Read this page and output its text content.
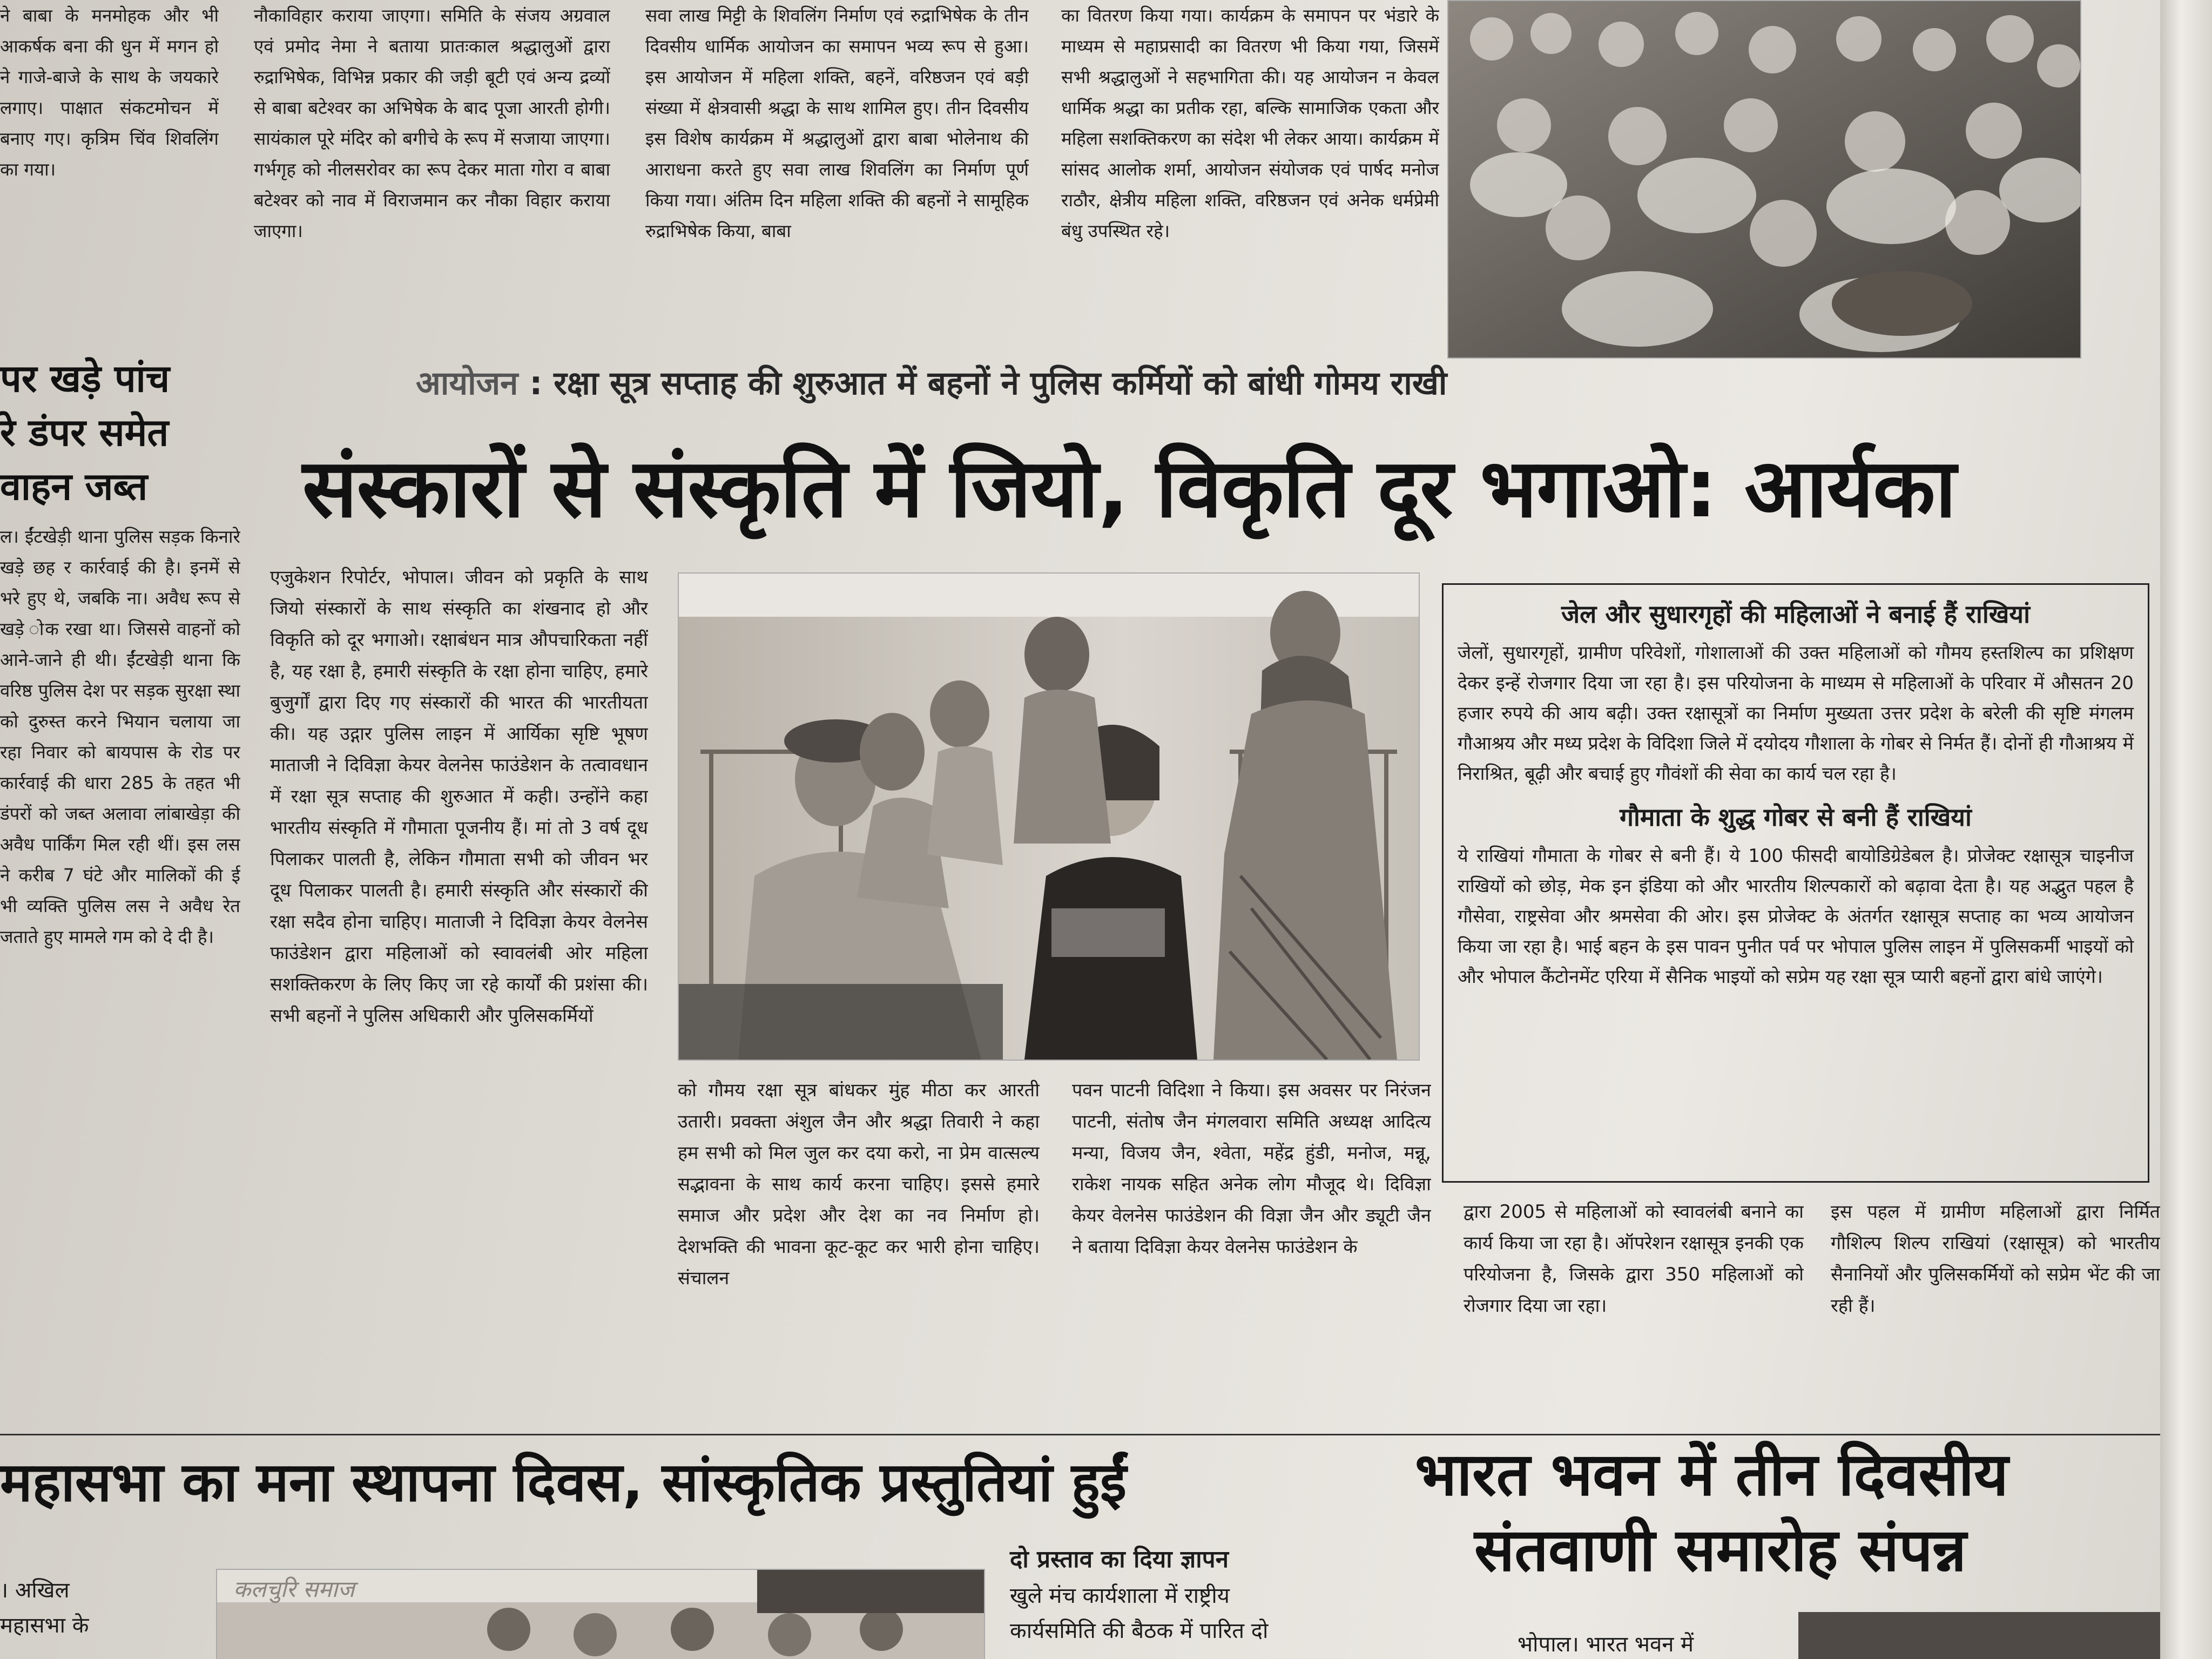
ने बाबा के मनमोहक और भी आकर्षक बना की धुन में मगन हो ने गाजे-बाजे के साथ के जयकारे लगाए। पाक्षात संकटमोचन में बनाए गए। कृत्रिम चिंव शिवलिंग का गया।

नौकाविहार कराया जाएगा। समिति के संजय अग्रवाल एवं प्रमोद नेमा ने बताया प्रातःकाल श्रद्धालुओं द्वारा रुद्राभिषेक, विभिन्न प्रकार की जड़ी बूटी एवं अन्य द्रव्यों से बाबा बटेश्वर का अभिषेक के बाद पूजा आरती होगी। सायंकाल पूरे मंदिर को बगीचे के रूप में सजाया जाएगा। गर्भगृह को नीलसरोवर का रूप देकर माता गोरा व बाबा बटेश्वर को नाव में विराजमान कर नौका विहार कराया जाएगा।

सवा लाख मिट्टी के शिवलिंग निर्माण एवं रुद्राभिषेक के तीन दिवसीय धार्मिक आयोजन का समापन भव्य रूप से हुआ। इस आयोजन में महिला शक्ति, बहनें, वरिष्ठजन एवं बड़ी संख्या में क्षेत्रवासी श्रद्धा के साथ शामिल हुए। तीन दिवसीय इस विशेष कार्यक्रम में श्रद्धालुओं द्वारा बाबा भोलेनाथ की आराधना करते हुए सवा लाख शिवलिंग का निर्माण पूर्ण किया गया। अंतिम दिन महिला शक्ति की बहनों ने सामूहिक रुद्राभिषेक किया, बाबा

का वितरण किया गया। कार्यक्रम के समापन पर भंडारे के माध्यम से महाप्रसादी का वितरण भी किया गया, जिसमें सभी श्रद्धालुओं ने सहभागिता की। यह आयोजन न केवल धार्मिक श्रद्धा का प्रतीक रहा, बल्कि सामाजिक एकता और महिला सशक्तिकरण का संदेश भी लेकर आया। कार्यक्रम में सांसद आलोक शर्मा, आयोजन संयोजक एवं पार्षद मनोज राठौर, क्षेत्रीय महिला शक्ति, वरिष्ठजन एवं अनेक धर्मप्रेमी बंधु उपस्थित रहे।

पर खड़े पांच
रे डंपर समेत
वाहन जब्त

ल। ईंटखेड़ी थाना पुलिस सड़क किनारे खड़े छह र कार्रवाई की है। इनमें से भरे हुए थे, जबकि ना। अवैध रूप से खड़े ोक रखा था। जिससे वाहनों को आने-जाने ही थी। ईंटखेड़ी थाना कि वरिष्ठ पुलिस देश पर सड़क सुरक्षा स्था को दुरुस्त करने भियान चलाया जा रहा निवार को बायपास के रोड पर कार्रवाई की धारा 285 के तहत भी डंपरों को जब्त अलावा लांबाखेड़ा की अवैध पार्किंग मिल रही थीं। इस लस ने करीब 7 घंटे और मालिकों की ई भी व्यक्ति पुलिस लस ने अवैध रेत जताते हुए मामले गम को दे दी है।

आयोजन : रक्षा सूत्र सप्ताह की शुरुआत में बहनों ने पुलिस कर्मियों को बांधी गोमय राखी
संस्कारों से संस्कृति में जियो, विकृति दूर भगाओ: आर्यका

एजुकेशन रिपोर्टर, भोपाल। जीवन को प्रकृति के साथ जियो संस्कारों के साथ संस्कृति का शंखनाद हो और विकृति को दूर भगाओ। रक्षाबंधन मात्र औपचारिकता नहीं है, यह रक्षा है, हमारी संस्कृति के रक्षा होना चाहिए, हमारे बुजुर्गों द्वारा दिए गए संस्कारों की भारत की भारतीयता की। यह उद्गार पुलिस लाइन में आर्यिका सृष्टि भूषण माताजी ने दिविज्ञा केयर वेलनेस फाउंडेशन के तत्वावधान में रक्षा सूत्र सप्ताह की शुरुआत में कही। उन्होंने कहा भारतीय संस्कृति में गौमाता पूजनीय हैं। मां तो 3 वर्ष दूध पिलाकर पालती है, लेकिन गौमाता सभी को जीवन भर दूध पिलाकर पालती है। हमारी संस्कृति और संस्कारों की रक्षा सदैव होना चाहिए। माताजी ने दिविज्ञा केयर वेलनेस फाउंडेशन द्वारा महिलाओं को स्वावलंबी ओर महिला सशक्तिकरण के लिए किए जा रहे कार्यों की प्रशंसा की। सभी बहनों ने पुलिस अधिकारी और पुलिसकर्मियों

को गौमय रक्षा सूत्र बांधकर मुंह मीठा कर आरती उतारी। प्रवक्ता अंशुल जैन और श्रद्धा तिवारी ने कहा हम सभी को मिल जुल कर दया करो, ना प्रेम वात्सल्य सद्भावना के साथ कार्य करना चाहिए। इससे हमारे समाज और प्रदेश और देश का नव निर्माण हो। देशभक्ति की भावना कूट-कूट कर भारी होना चाहिए। संचालन

पवन पाटनी विदिशा ने किया। इस अवसर पर निरंजन पाटनी, संतोष जैन मंगलवारा समिति अध्यक्ष आदित्य मन्या, विजय जैन, श्वेता, महेंद्र हुंडी, मनोज, मन्नू, राकेश नायक सहित अनेक लोग मौजूद थे। दिविज्ञा केयर वेलनेस फाउंडेशन की विज्ञा जैन और ड्यूटी जैन ने बताया दिविज्ञा केयर वेलनेस फाउंडेशन के

जेल और सुधारगृहों की महिलाओं ने बनाई हैं राखियां

जेलों, सुधारगृहों, ग्रामीण परिवेशों, गोशालाओं की उक्त महिलाओं को गौमय हस्तशिल्प का प्रशिक्षण देकर इन्हें रोजगार दिया जा रहा है। इस परियोजना के माध्यम से महिलाओं के परिवार में औसतन 20 हजार रुपये की आय बढ़ी। उक्त रक्षासूत्रों का निर्माण मुख्यता उत्तर प्रदेश के बरेली की सृष्टि मंगलम गौआश्रय और मध्य प्रदेश के विदिशा जिले में दयोदय गौशाला के गोबर से निर्मत हैं। दोनों ही गौआश्रय में निराश्रित, बूढ़ी और बचाई हुए गौवंशों की सेवा का कार्य चल रहा है।

गौमाता के शुद्ध गोबर से बनी हैं राखियां

ये राखियां गौमाता के गोबर से बनी हैं। ये 100 फीसदी बायोडिग्रेडेबल है। प्रोजेक्ट रक्षासूत्र चाइनीज राखियों को छोड़, मेक इन इंडिया को और भारतीय शिल्पकारों को बढ़ावा देता है। यह अद्भुत पहल है गौसेवा, राष्ट्रसेवा और श्रमसेवा की ओर। इस प्रोजेक्ट के अंतर्गत रक्षासूत्र सप्ताह का भव्य आयोजन किया जा रहा है। भाई बहन के इस पावन पुनीत पर्व पर भोपाल पुलिस लाइन में पुलिसकर्मी भाइयों को और भोपाल कैंटोनमेंट एरिया में सैनिक भाइयों को सप्रेम यह रक्षा सूत्र प्यारी बहनों द्वारा बांधे जाएंगे।

द्वारा 2005 से महिलाओं को स्वावलंबी बनाने का कार्य किया जा रहा है। ऑपरेशन रक्षासूत्र इनकी एक परियोजना है, जिसके द्वारा 350 महिलाओं को रोजगार दिया जा रहा।

इस पहल में ग्रामीण महिलाओं द्वारा निर्मित गौशिल्प शिल्प राखियां (रक्षासूत्र) को भारतीय सैनानियों और पुलिसकर्मियों को सप्रेम भेंट की जा रही हैं।

महासभा का मना स्थापना दिवस, सांस्कृतिक प्रस्तुतियां हुईं	भारत भवन में तीन दिवसीय
संतवाणी समारोह संपन्न
। अखिल
महासभा के
कलचुरि समाज
दो प्रस्ताव का दिया ज्ञापन
खुले मंच कार्यशाला में राष्ट्रीय
कार्यसमिति की बैठक में पारित दो
भोपाल। भारत भवन में
